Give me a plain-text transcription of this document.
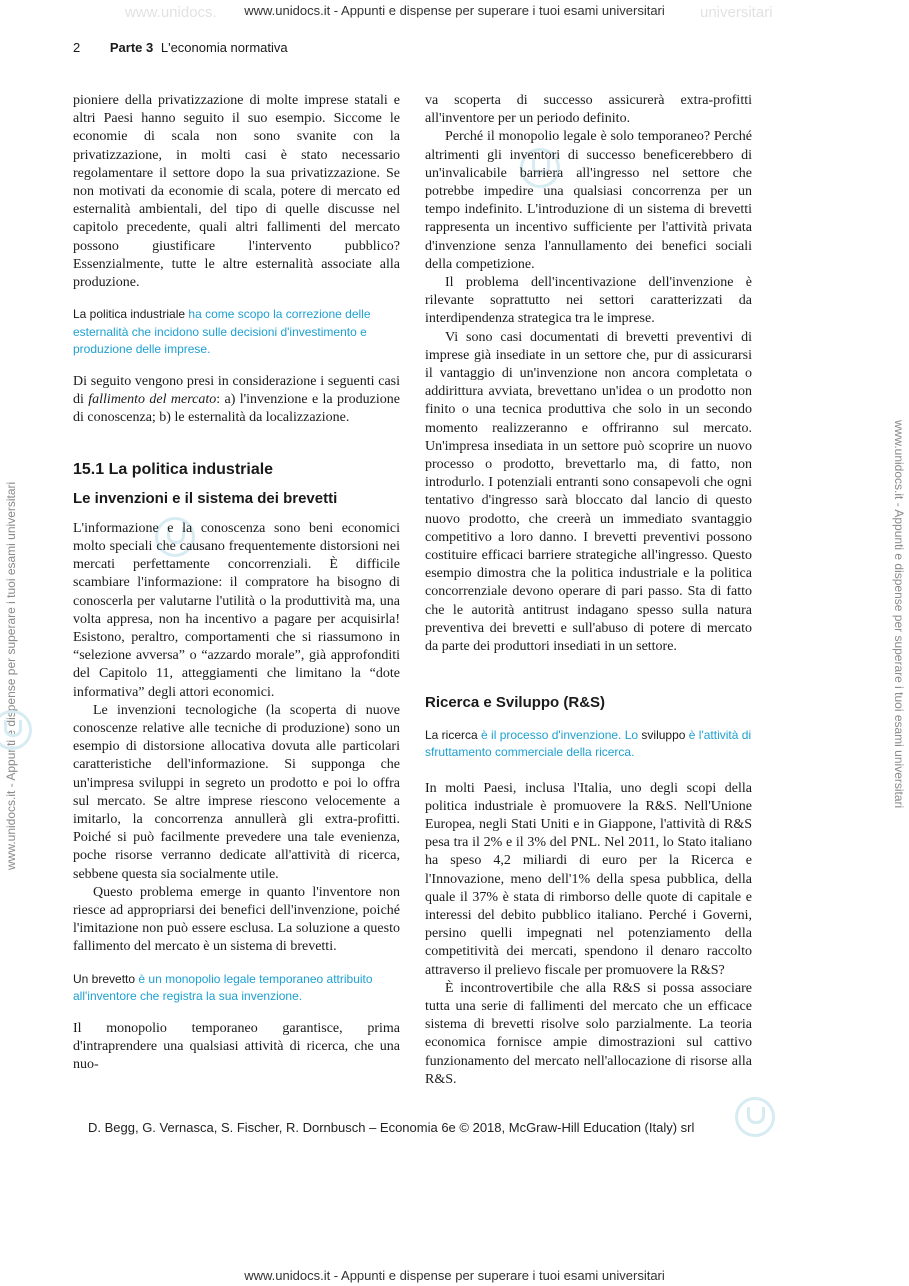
www.unidocs.it - Appunti e dispense per superare i tuoi esami universitari
www.unidocs.	universitari
www.unidocs.it - Appunti e dispense per superare i tuoi esami universitari	www.unidocs.it - Appunti e dispense per superare i tuoi esami universitari
www.unidocs.it - Appunti e dispense per superare i tuoi esami universitari
2 Parte 3 L'economia normativa

pioniere della privatizzazione di molte imprese statali e altri Paesi hanno seguito il suo esempio. Siccome le economie di scala non sono svanite con la privatizzazione, in molti casi è stato necessario regolamentare il settore dopo la sua privatizzazione. Se non motivati da economie di scala, potere di mercato ed esternalità ambientali, del tipo di quelle discusse nel capitolo precedente, quali altri fallimenti del mercato possono giustificare l'intervento pubblico? Essenzialmente, tutte le altre esternalità associate alla produzione.

La politica industriale ha come scopo la correzione delle esternalità che incidono sulle decisioni d'investimento e produzione delle imprese.

Di seguito vengono presi in considerazione i seguenti casi di fallimento del mercato: a) l'invenzione e la produzione di conoscenza; b) le esternalità da localizzazione.

15.1 La politica industriale
Le invenzioni e il sistema dei brevetti

L'informazione e la conoscenza sono beni economici molto speciali che causano frequentemente distorsioni nei mercati perfettamente concorrenziali. È difficile scambiare l'informazione: il compratore ha bisogno di conoscerla per valutarne l'utilità o la produttività ma, una volta appresa, non ha incentivo a pagare per acquisirla! Esistono, peraltro, comportamenti che si riassumono in “selezione avversa” o “azzardo morale”, già approfonditi del Capitolo 11, atteggiamenti che limitano la “dote informativa” degli attori economici.

Le invenzioni tecnologiche (la scoperta di nuove conoscenze relative alle tecniche di produzione) sono un esempio di distorsione allocativa dovuta alle particolari caratteristiche dell'informazione. Si supponga che un'impresa sviluppi in segreto un prodotto e poi lo offra sul mercato. Se altre imprese riescono velocemente a imitarlo, la concorrenza annullerà gli extra-profitti. Poiché si può facilmente prevedere una tale evenienza, poche risorse verranno dedicate all'attività di ricerca, sebbene questa sia socialmente utile.

Questo problema emerge in quanto l'inventore non riesce ad appropriarsi dei benefici dell'invenzione, poiché l'imitazione non può essere esclusa. La soluzione a questo fallimento del mercato è un sistema di brevetti.

Un brevetto è un monopolio legale temporaneo attribuito all'inventore che registra la sua invenzione.

Il monopolio temporaneo garantisce, prima d'intraprendere una qualsiasi attività di ricerca, che una nuo-

va scoperta di successo assicurerà extra-profitti all'inventore per un periodo definito.

Perché il monopolio legale è solo temporaneo? Perché altrimenti gli inventori di successo beneficerebbero di un'invalicabile barriera all'ingresso nel settore che potrebbe impedire una qualsiasi concorrenza per un tempo indefinito. L'introduzione di un sistema di brevetti rappresenta un incentivo sufficiente per l'attività privata d'invenzione senza l'annullamento dei benefici sociali della competizione.

Il problema dell'incentivazione dell'invenzione è rilevante soprattutto nei settori caratterizzati da interdipendenza strategica tra le imprese.

Vi sono casi documentati di brevetti preventivi di imprese già insediate in un settore che, pur di assicurarsi il vantaggio di un'invenzione non ancora completata o addirittura avviata, brevettano un'idea o un prodotto non finito o una tecnica produttiva che solo in un secondo momento realizzeranno e offriranno sul mercato. Un'impresa insediata in un settore può scoprire un nuovo processo o prodotto, brevettarlo ma, di fatto, non introdurlo. I potenziali entranti sono consapevoli che ogni tentativo d'ingresso sarà bloccato dal lancio di questo nuovo prodotto, che creerà un immediato svantaggio competitivo a loro danno. I brevetti preventivi possono costituire efficaci barriere strategiche all'ingresso. Questo esempio dimostra che la politica industriale e la politica concorrenziale devono operare di pari passo. Sta di fatto che le autorità antitrust indagano spesso sulla natura preventiva dei brevetti e sull'abuso di potere di mercato da parte dei produttori insediati in un settore.

Ricerca e Sviluppo (R&S)

La ricerca è il processo d'invenzione. Lo sviluppo è l'attività di sfruttamento commerciale della ricerca.

In molti Paesi, inclusa l'Italia, uno degli scopi della politica industriale è promuovere la R&S. Nell'Unione Europea, negli Stati Uniti e in Giappone, l'attività di R&S pesa tra il 2% e il 3% del PNL. Nel 2011, lo Stato italiano ha speso 4,2 miliardi di euro per la Ricerca e l'Innovazione, meno dell'1% della spesa pubblica, della quale il 37% è stata di rimborso delle quote di capitale e interessi del debito pubblico italiano. Perché i Governi, persino quelli impegnati nel potenziamento della competitività dei mercati, spendono il denaro raccolto attraverso il prelievo fiscale per promuovere la R&S?

È incontrovertibile che alla R&S si possa associare tutta una serie di fallimenti del mercato che un efficace sistema di brevetti risolve solo parzialmente. La teoria economica fornisce ampie dimostrazioni sul cattivo funzionamento del mercato nell'allocazione di risorse alla R&S.

D. Begg, G. Vernasca, S. Fischer, R. Dornbusch – Economia 6e © 2018, McGraw-Hill Education (Italy) srl
